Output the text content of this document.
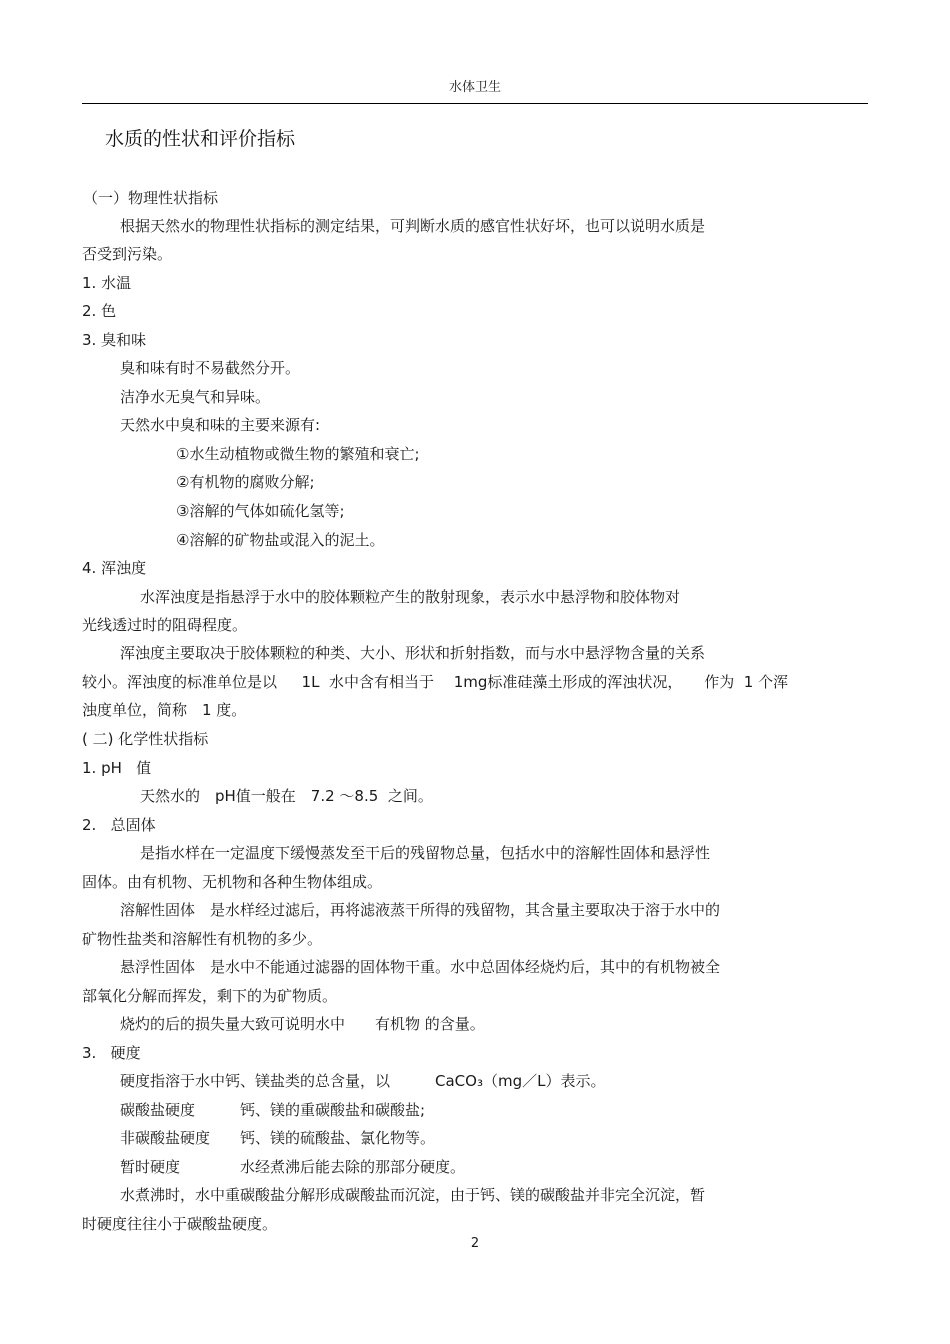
水体卫生
水质的性状和评价指标
（一）物理性状指标
根据天然水的物理性状指标的测定结果，可判断水质的感官性状好坏，也可以说明水质是
否受到污染。
1. 水温
2. 色
3. 臭和味
臭和味有时不易截然分开。
洁净水无臭气和异味。
天然水中臭和味的主要来源有:
①水生动植物或微生物的繁殖和衰亡;
②有机物的腐败分解;
③溶解的气体如硫化氢等;
④溶解的矿物盐或混入的泥土。
4. 浑浊度
水浑浊度是指悬浮于水中的胶体颗粒产生的散射现象，表示水中悬浮物和胶体物对
光线透过时的阻碍程度。
浑浊度主要取决于胶体颗粒的种类、大小、形状和折射指数，而与水中悬浮物含量的关系
较小。浑浊度的标准单位是以　  1L  水中含有相当于　 1mg标准硅藻土形成的浑浊状况，　   作为  1 个浑
浊度单位，简称　1 度。
( 二) 化学性状指标
1. pH   值
天然水的　pH值一般在　7.2 ～8.5  之间。
2.   总固体
是指水样在一定温度下缓慢蒸发至干后的残留物总量，包括水中的溶解性固体和悬浮性
固体。由有机物、无机物和各种生物体组成。
溶解性固体　是水样经过滤后，再将滤液蒸干所得的残留物，其含量主要取决于溶于水中的
矿物性盐类和溶解性有机物的多少。
悬浮性固体　是水中不能通过滤器的固体物干重。水中总固体经烧灼后，其中的有机物被全
部氧化分解而挥发，剩下的为矿物质。
烧灼的后的损失量大致可说明水中　　有机物 的含量。
3.   硬度
硬度指溶于水中钙、镁盐类的总含量，以　　　CaCO₃（mg／L）表示。
碳酸盐硬度　　　钙、镁的重碳酸盐和碳酸盐;
非碳酸盐硬度　　钙、镁的硫酸盐、氯化物等。
暂时硬度　　　　水经煮沸后能去除的那部分硬度。
水煮沸时，水中重碳酸盐分解形成碳酸盐而沉淀，由于钙、镁的碳酸盐并非完全沉淀，暂
时硬度往往小于碳酸盐硬度。
2
